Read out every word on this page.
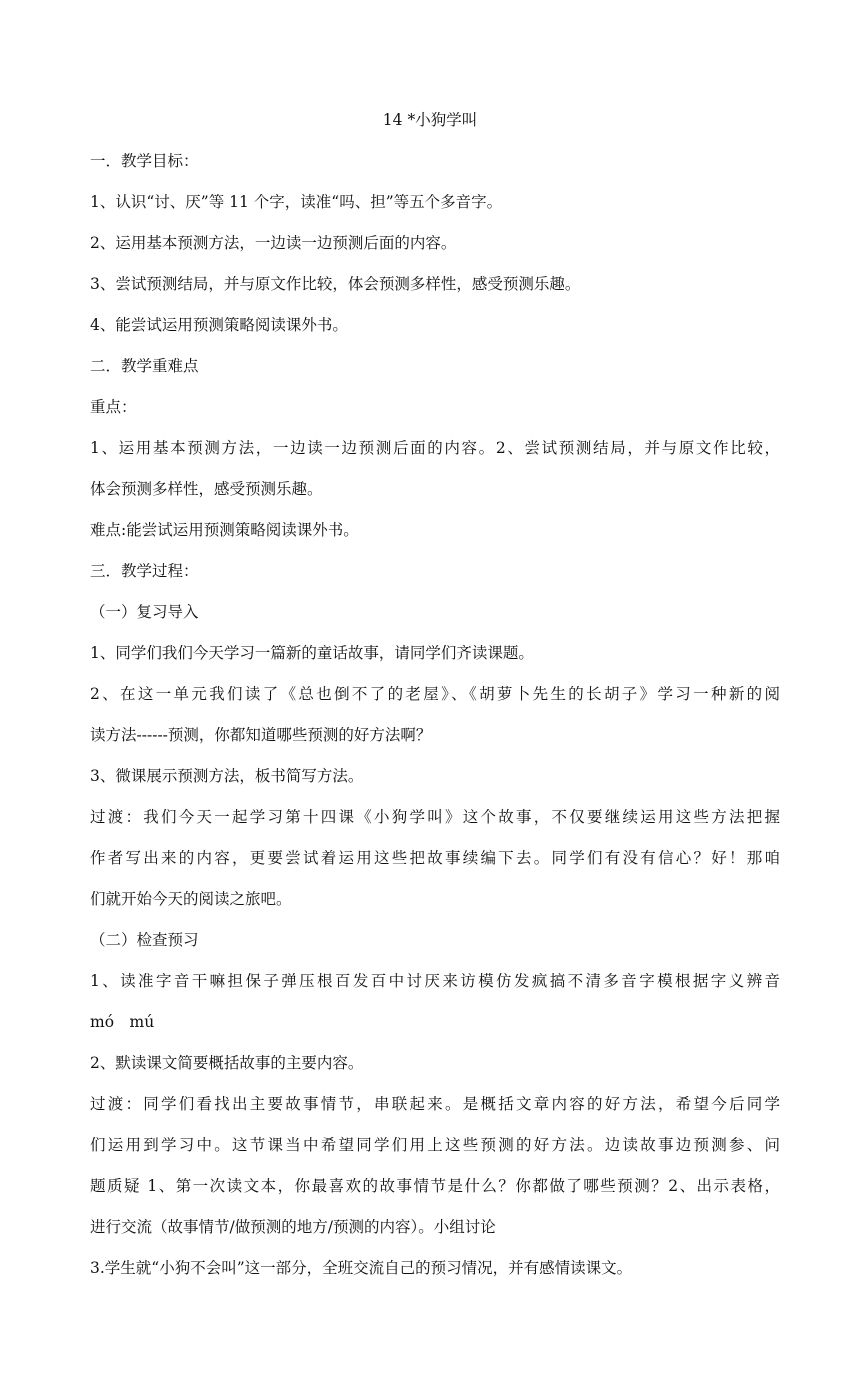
14 *小狗学叫
一．教学目标：
1、认识“讨、厌”等 11 个字，读准“吗、担”等五个多音字。
2、运用基本预测方法，一边读一边预测后面的内容。
3、尝试预测结局，并与原文作比较，体会预测多样性，感受预测乐趣。
4、能尝试运用预测策略阅读课外书。
二．教学重难点
重点：
1、运用基本预测方法，一边读一边预测后面的内容。2、尝试预测结局，并与原文作比较，
体会预测多样性，感受预测乐趣。
难点:能尝试运用预测策略阅读课外书。
三．教学过程：
（一）复习导入
1、同学们我们今天学习一篇新的童话故事，请同学们齐读课题。
2、在这一单元我们读了《总也倒不了的老屋》、《胡萝卜先生的长胡子》学习一种新的阅
读方法------预测，你都知道哪些预测的好方法啊？
3、微课展示预测方法，板书简写方法。
过渡：我们今天一起学习第十四课《小狗学叫》这个故事，不仅要继续运用这些方法把握
作者写出来的内容，更要尝试着运用这些把故事续编下去。同学们有没有信心？好！那咱
们就开始今天的阅读之旅吧。
（二）检查预习
1、读准字音干嘛担保子弹压根百发百中讨厌来访模仿发疯搞不清多音字模根据字义辨音
mó　mú
2、默读课文简要概括故事的主要内容。
过渡：同学们看找出主要故事情节，串联起来。是概括文章内容的好方法，希望今后同学
们运用到学习中。这节课当中希望同学们用上这些预测的好方法。边读故事边预测参、问
题质疑 1、第一次读文本，你最喜欢的故事情节是什么？你都做了哪些预测？2、出示表格，
进行交流（故事情节/做预测的地方/预测的内容）。小组讨论
3.学生就“小狗不会叫”这一部分，全班交流自己的预习情况，并有感情读课文。
